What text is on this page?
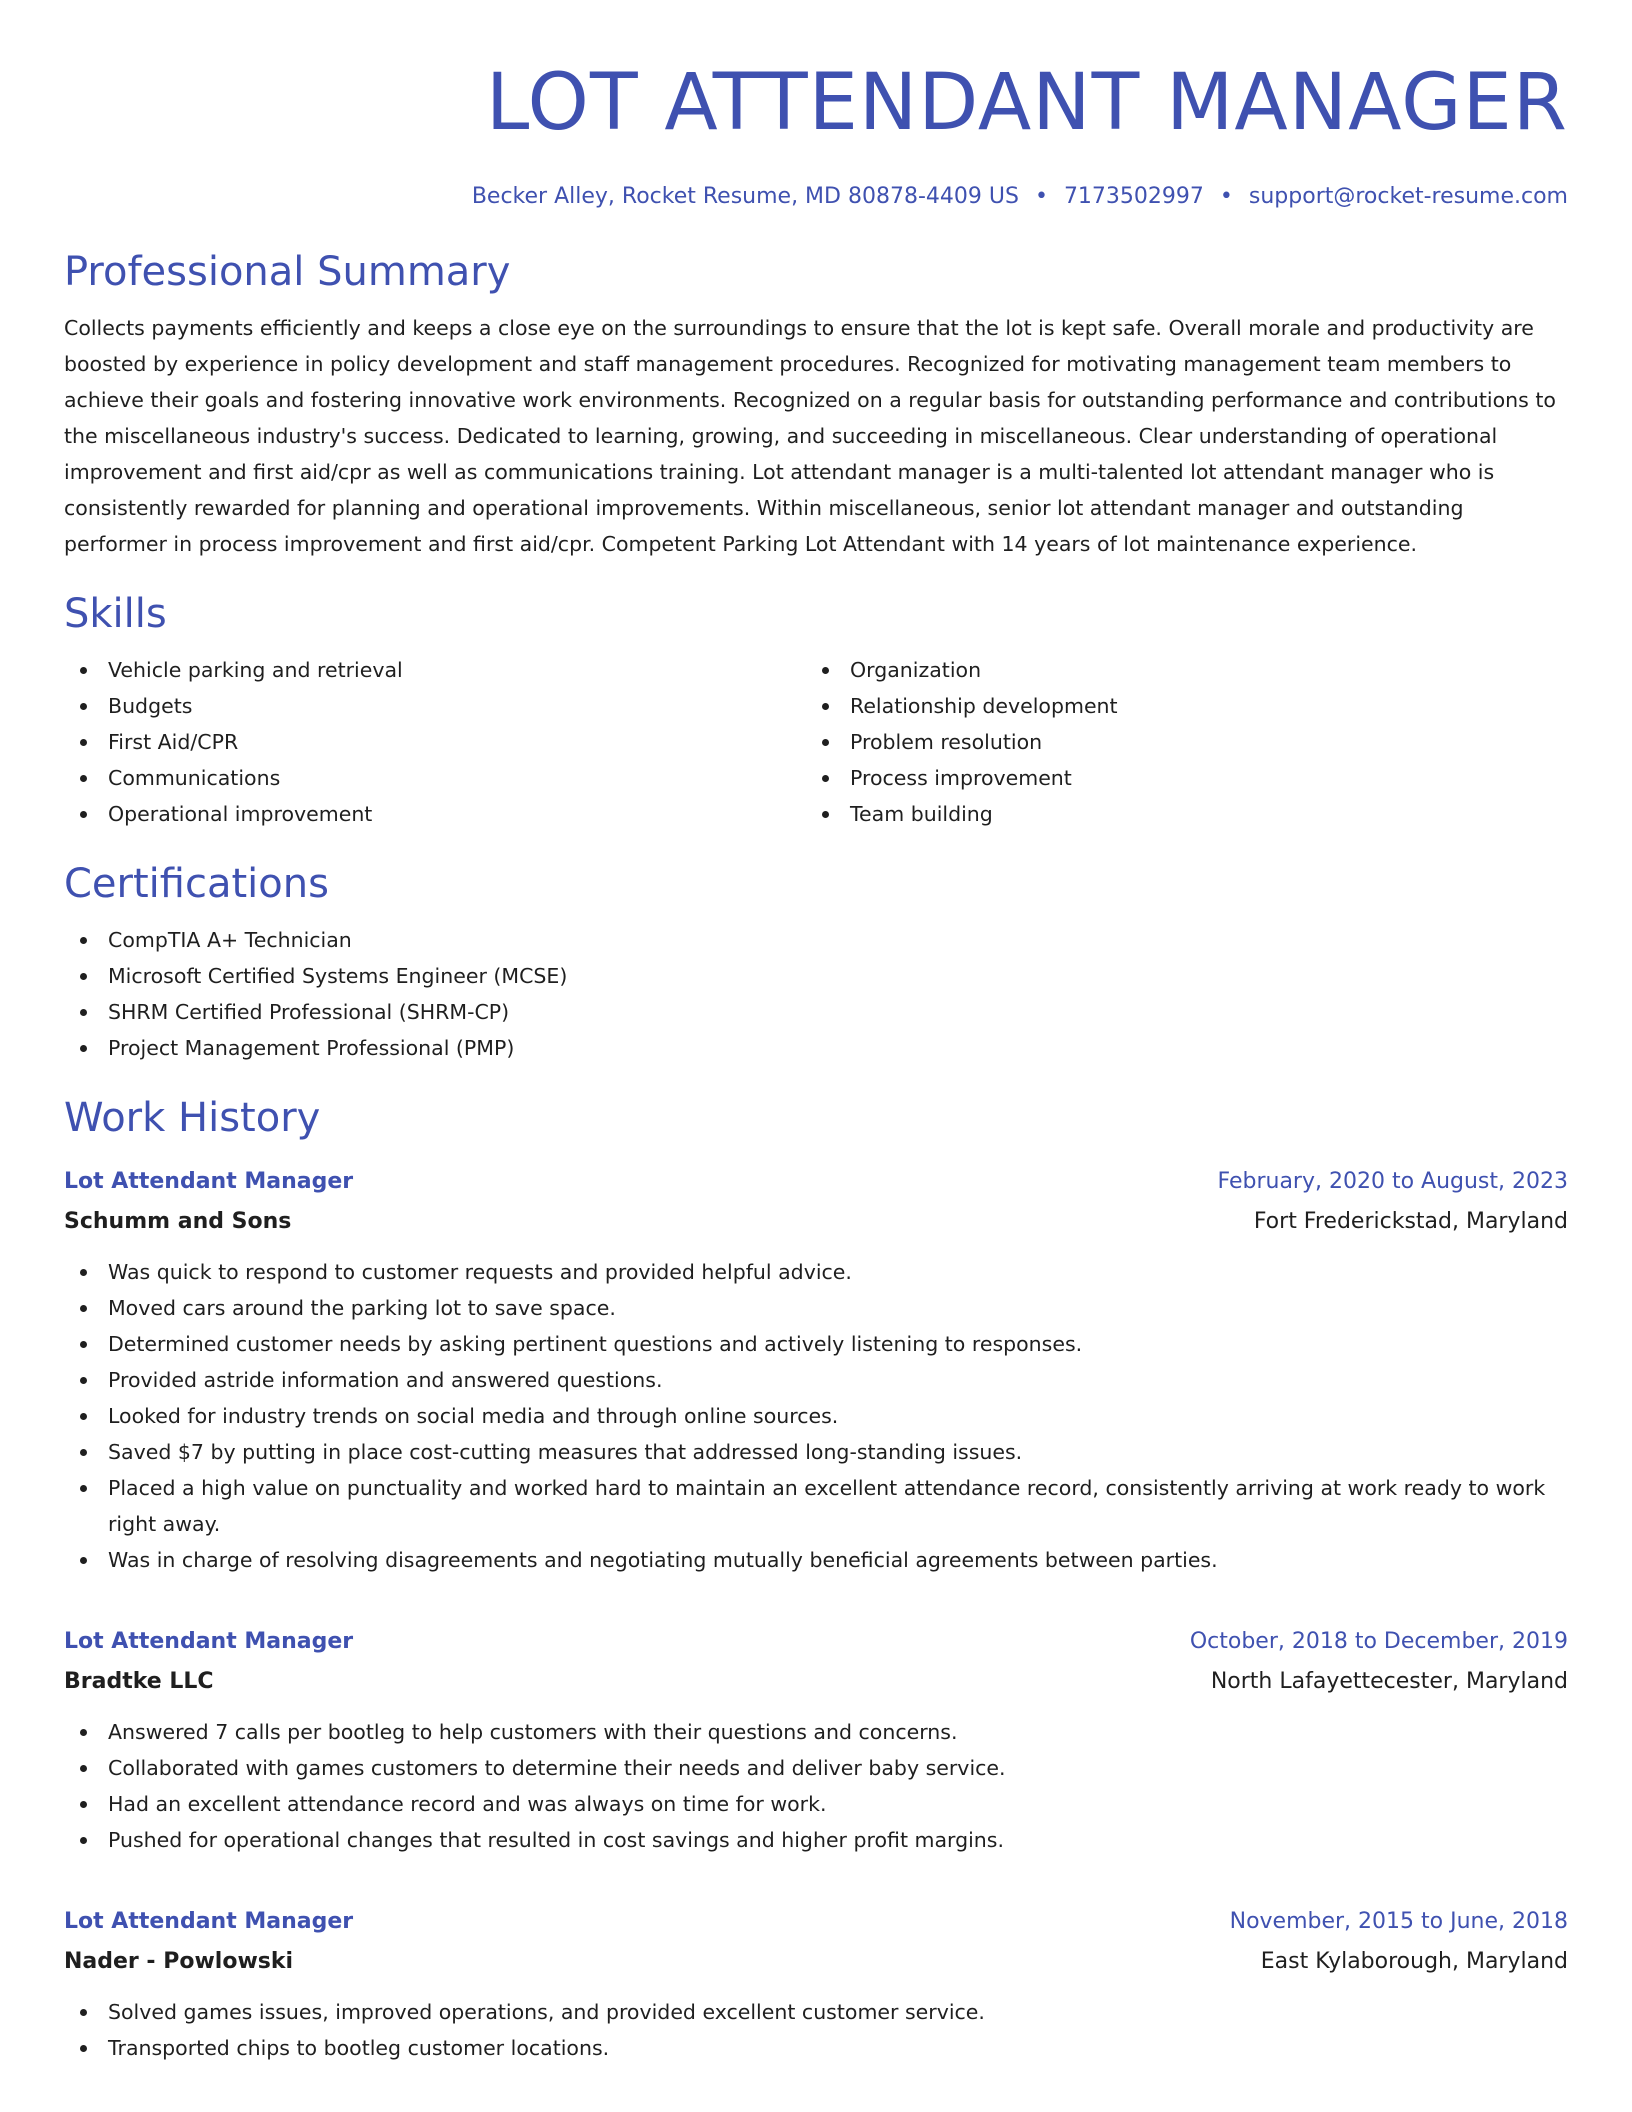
LOT ATTENDANT MANAGER
Becker Alley, Rocket Resume, MD 80878-4409 US • 7173502997 • support@rocket-resume.com
Professional Summary

Collects payments efficiently and keeps a close eye on the surroundings to ensure that the lot is kept safe. Overall morale and productivity are boosted by experience in policy development and staff management procedures. Recognized for motivating management team members to achieve their goals and fostering innovative work environments. Recognized on a regular basis for outstanding performance and contributions to the miscellaneous industry's success. Dedicated to learning, growing, and succeeding in miscellaneous. Clear understanding of operational improvement and first aid/cpr as well as communications training. Lot attendant manager is a multi-talented lot attendant manager who is consistently rewarded for planning and operational improvements. Within miscellaneous, senior lot attendant manager and outstanding performer in process improvement and first aid/cpr. Competent Parking Lot Attendant with 14 years of lot maintenance experience.

Skills
Vehicle parking and retrieval
Budgets
First Aid/CPR
Communications
Operational improvement
Organization
Relationship development
Problem resolution
Process improvement
Team building
Certifications
CompTIA A+ Technician
Microsoft Certified Systems Engineer (MCSE)
SHRM Certified Professional (SHRM-CP)
Project Management Professional (PMP)
Work History
Lot Attendant Manager	February, 2020 to August, 2023
Schumm and Sons	Fort Frederickstad, Maryland
Was quick to respond to customer requests and provided helpful advice.
Moved cars around the parking lot to save space.
Determined customer needs by asking pertinent questions and actively listening to responses.
Provided astride information and answered questions.
Looked for industry trends on social media and through online sources.
Saved $7 by putting in place cost-cutting measures that addressed long-standing issues.
Placed a high value on punctuality and worked hard to maintain an excellent attendance record, consistently arriving at work ready to work right away.
Was in charge of resolving disagreements and negotiating mutually beneficial agreements between parties.
Lot Attendant Manager	October, 2018 to December, 2019
Bradtke LLC	North Lafayettecester, Maryland
Answered 7 calls per bootleg to help customers with their questions and concerns.
Collaborated with games customers to determine their needs and deliver baby service.
Had an excellent attendance record and was always on time for work.
Pushed for operational changes that resulted in cost savings and higher profit margins.
Lot Attendant Manager	November, 2015 to June, 2018
Nader - Powlowski	East Kylaborough, Maryland
Solved games issues, improved operations, and provided excellent customer service.
Transported chips to bootleg customer locations.
